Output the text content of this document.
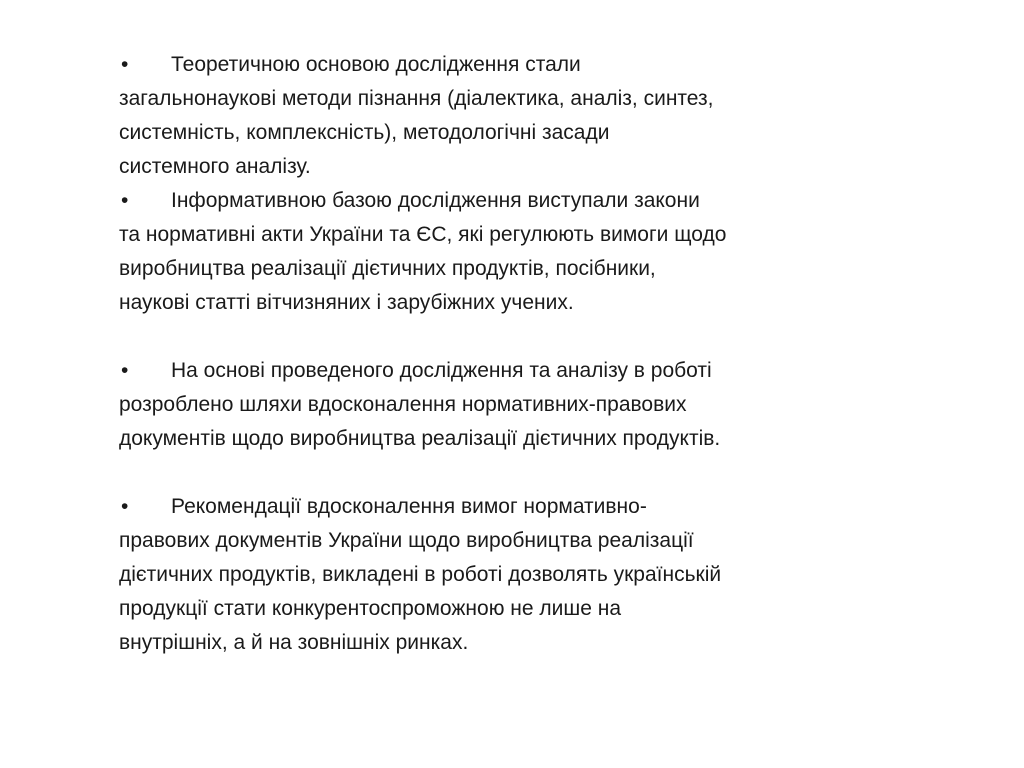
• Теоретичною основою дослідження стали
загальнонаукові методи пізнання (діалектика, аналіз, синтез,
системність, комплексність), методологічні засади
системного аналізу.
• Інформативною базою дослідження виступали закони
та нормативні акти України та ЄС, які регулюють вимоги щодо
виробництва реалізації дієтичних продуктів, посібники,
наукові статті вітчизняних і зарубіжних учених.
• На основі проведеного дослідження та аналізу в роботі
розроблено шляхи вдосконалення нормативних-правових
документів щодо виробництва реалізації дієтичних продуктів.
• Рекомендації вдосконалення вимог нормативно-
правових документів України щодо виробництва реалізації
дієтичних продуктів, викладені в роботі дозволять українській
продукції стати конкурентоспроможною не лише на
внутрішніх, а й на зовнішніх ринках.
